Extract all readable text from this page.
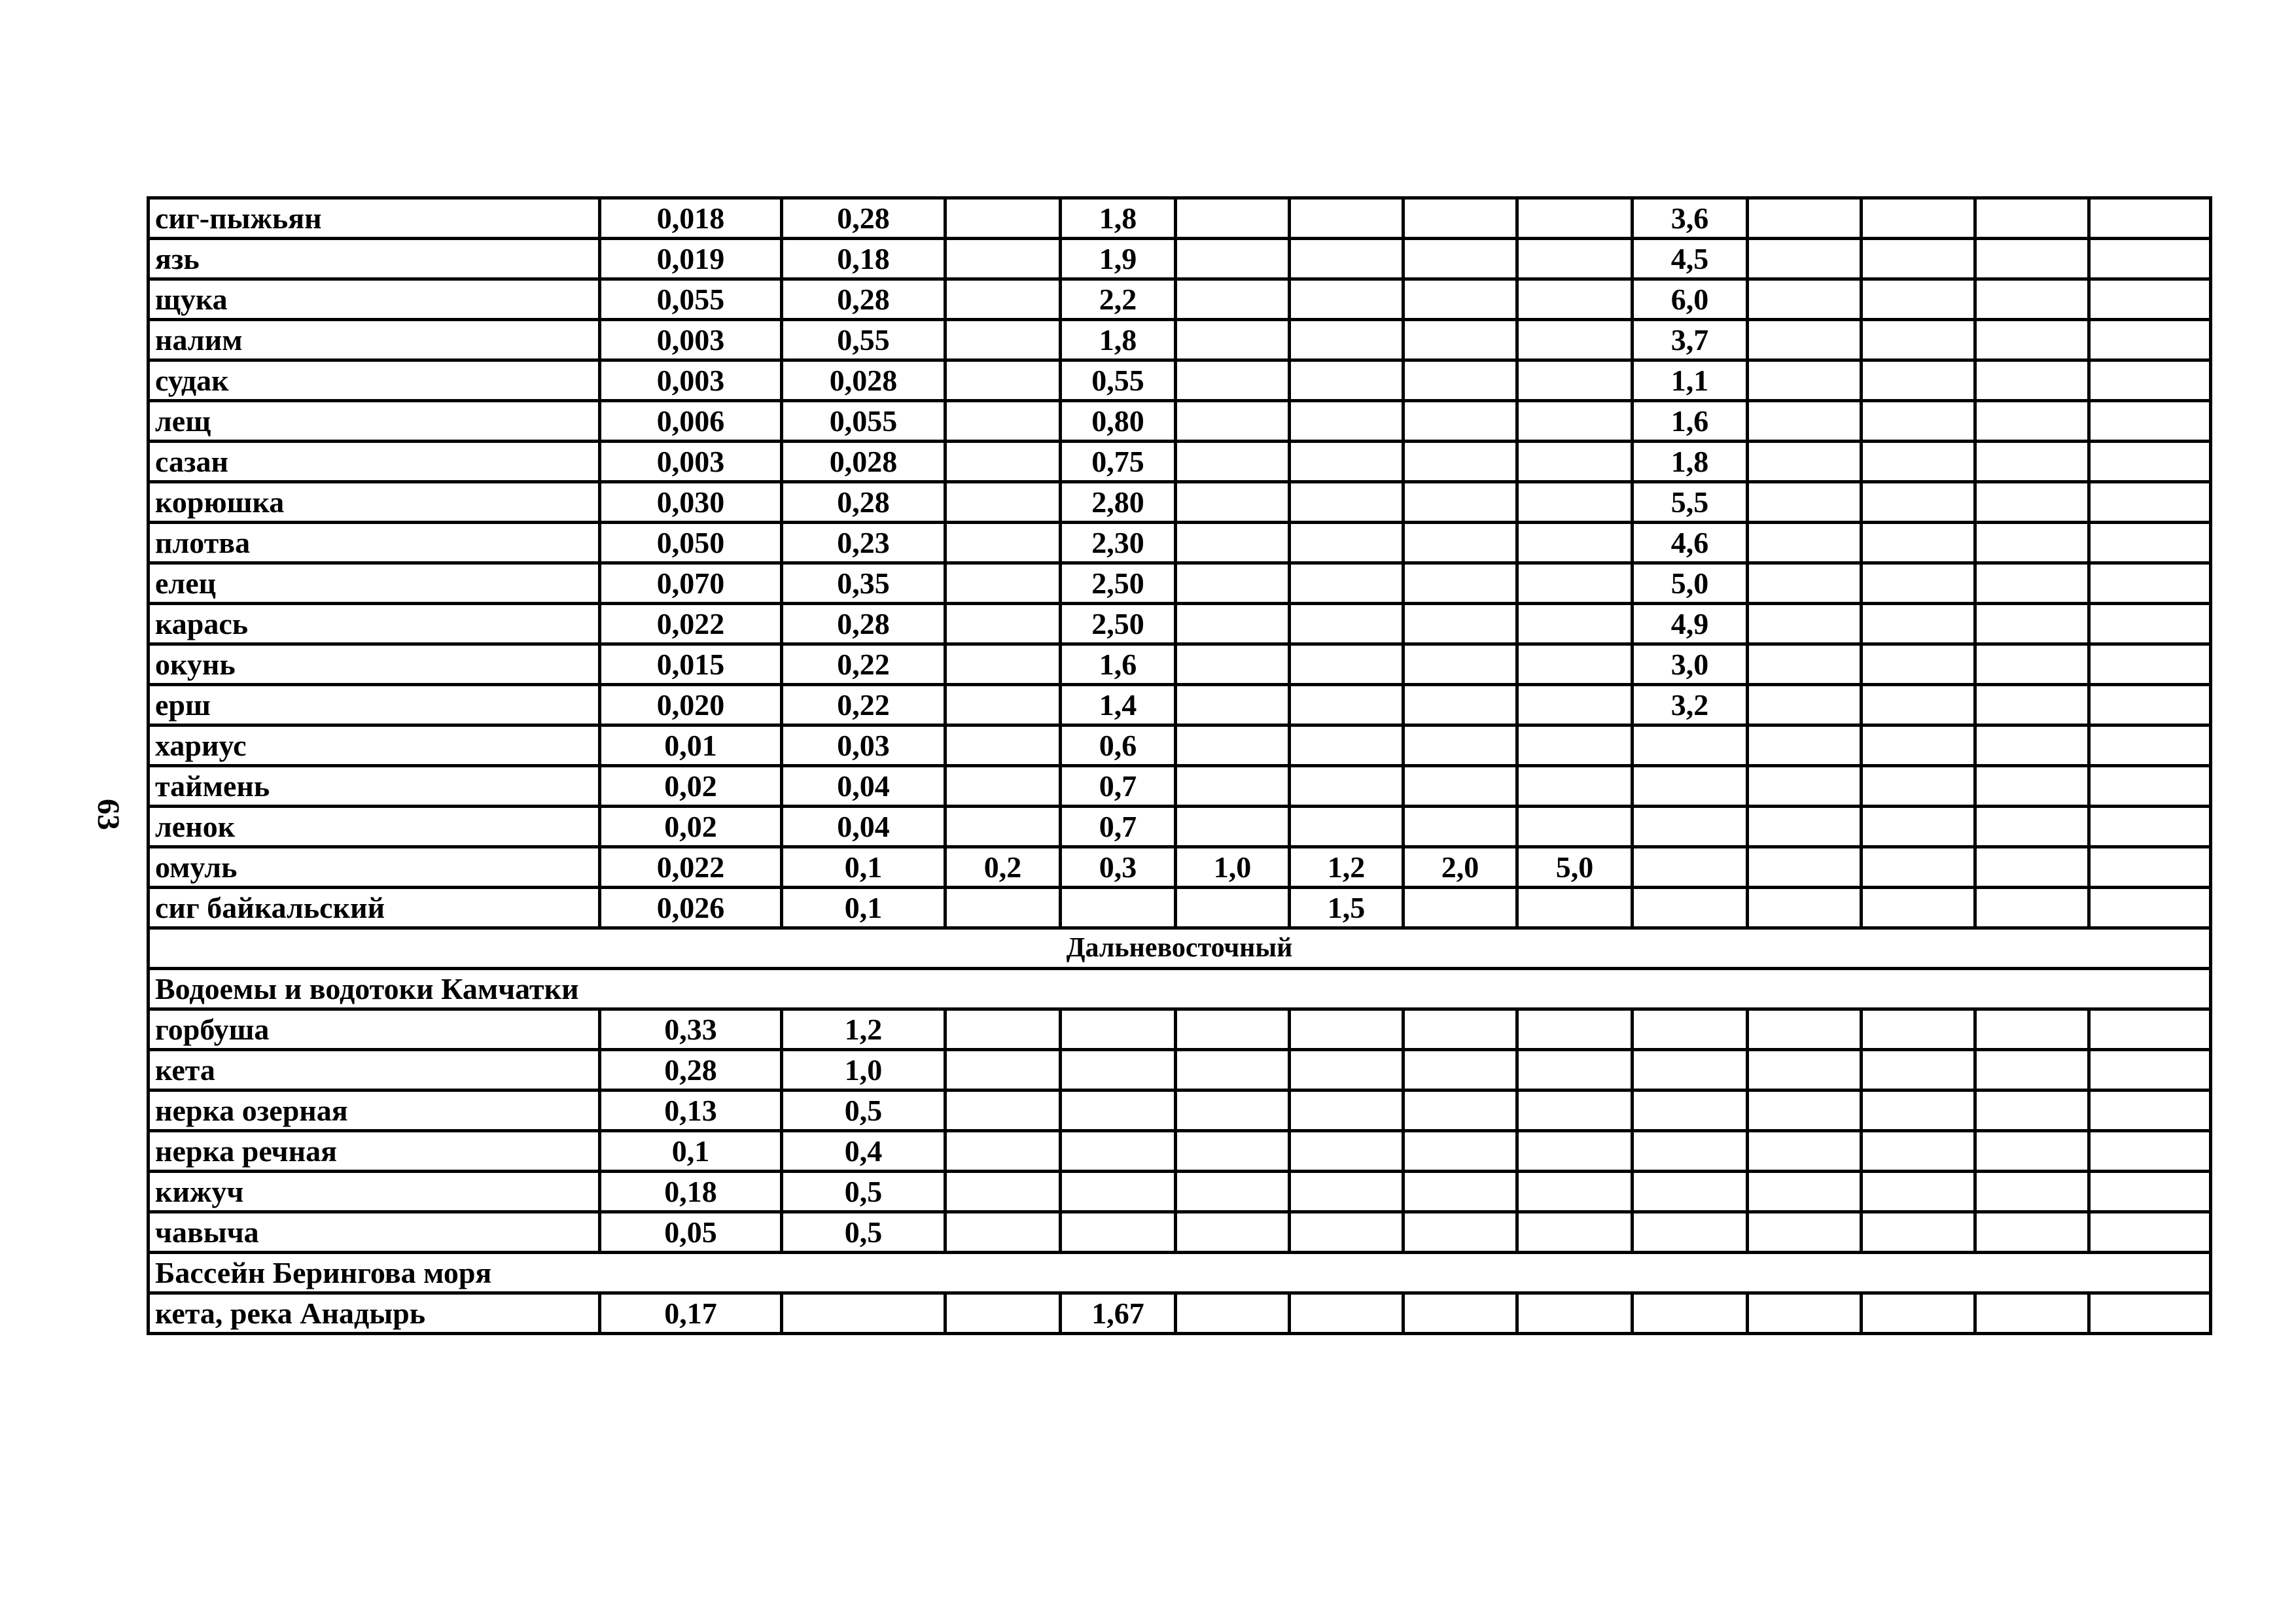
63
сиг-пыжьян	0,018	0,28		1,8					3,6				
язь	0,019	0,18		1,9					4,5				
щука	0,055	0,28		2,2					6,0				
налим	0,003	0,55		1,8					3,7				
судак	0,003	0,028		0,55					1,1				
лещ	0,006	0,055		0,80					1,6				
сазан	0,003	0,028		0,75					1,8				
корюшка	0,030	0,28		2,80					5,5				
плотва	0,050	0,23		2,30					4,6				
елец	0,070	0,35		2,50					5,0				
карась	0,022	0,28		2,50					4,9				
окунь	0,015	0,22		1,6					3,0				
ерш	0,020	0,22		1,4					3,2				
хариус	0,01	0,03		0,6									
таймень	0,02	0,04		0,7									
ленок	0,02	0,04		0,7									
омуль	0,022	0,1	0,2	0,3	1,0	1,2	2,0	5,0					
сиг байкальский	0,026	0,1				1,5							
Дальневосточный													
Водоемы и водотоки Камчатки													
горбуша	0,33	1,2											
кета	0,28	1,0											
нерка озерная	0,13	0,5											
нерка речная	0,1	0,4											
кижуч	0,18	0,5											
чавыча	0,05	0,5											
Бассейн Берингова моря													
кета, река Анадырь	0,17			1,67									
